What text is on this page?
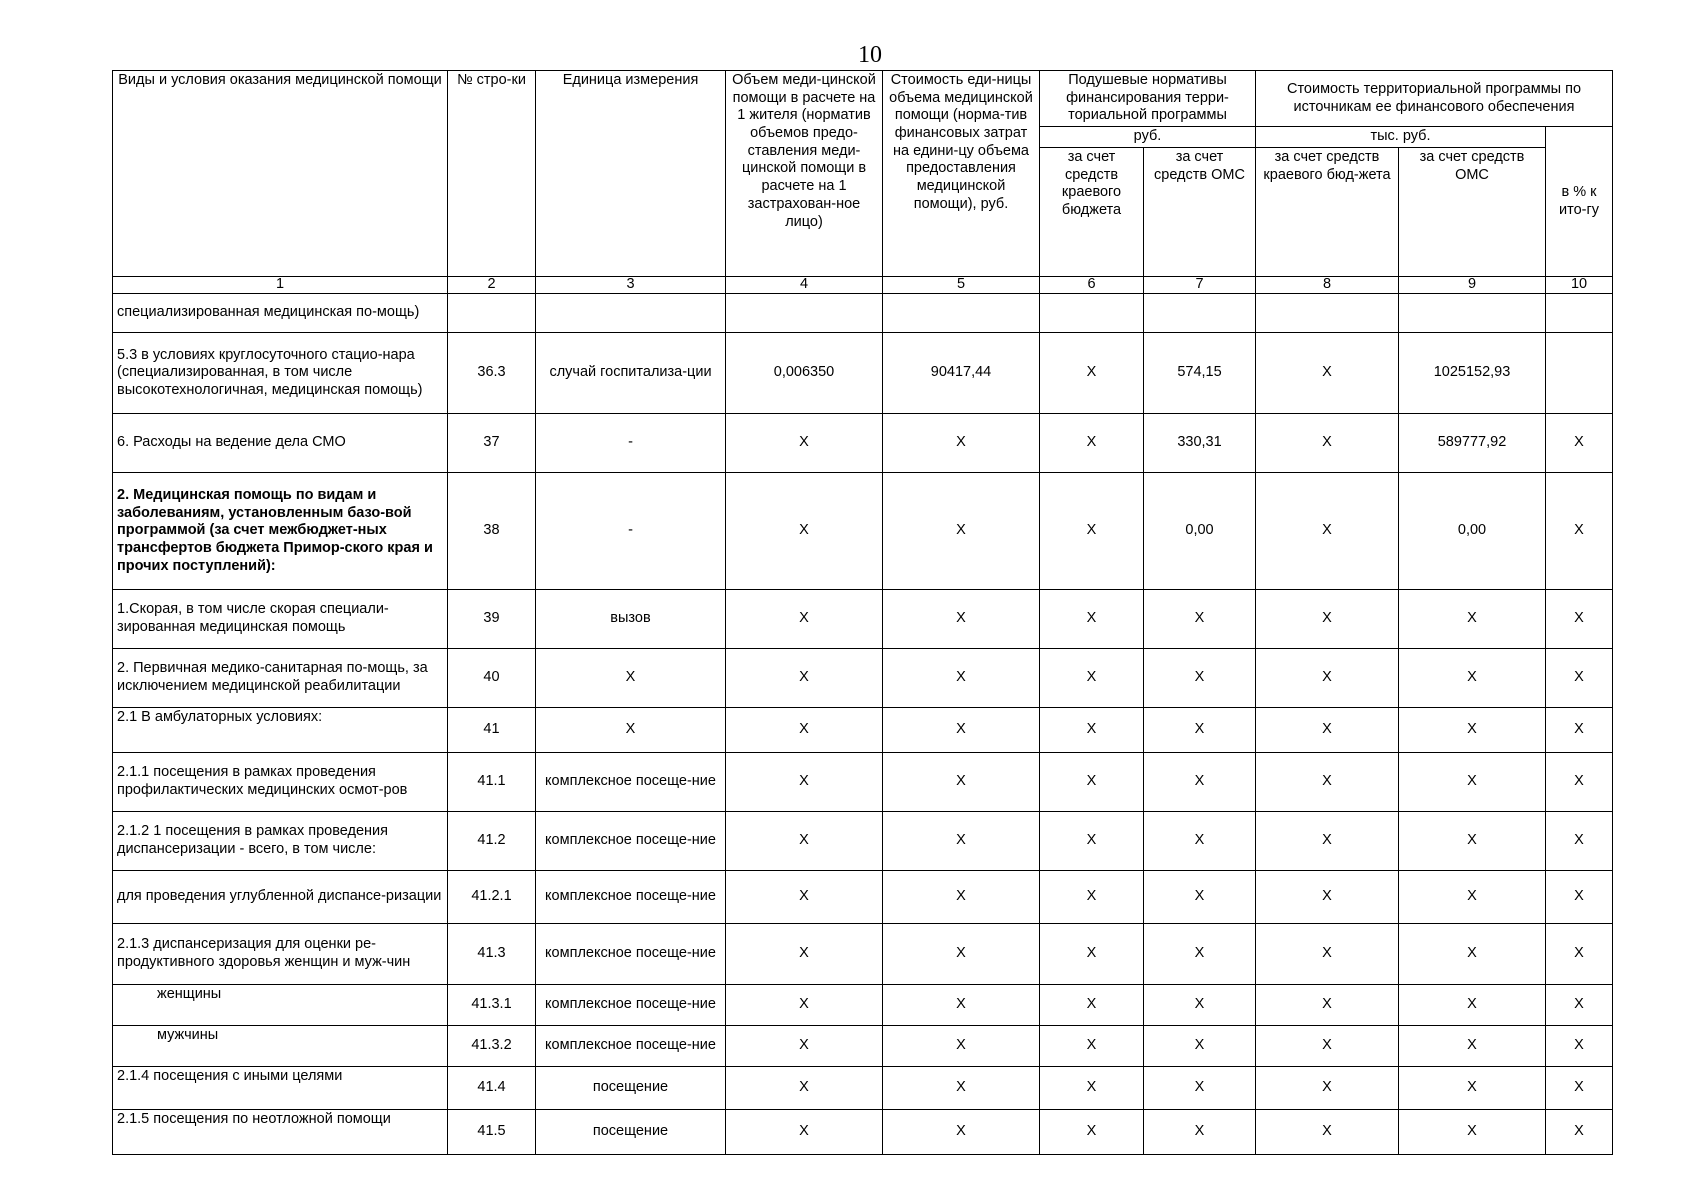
10
Виды и условия оказания медицинской помощи	№ стро-ки	Единица измерения	Объем меди-цинской помощи в расчете на 1 жителя (норматив объемов предо-ставления меди-цинской помощи в расчете на 1 застрахован-ное лицо)	Стоимость еди-ницы объема медицинской помощи (норма-тив финансовых затрат на едини-цу объема предоставления медицинской помощи), руб.	Подушевые нормативы финансирования терри-ториальной программы		Стоимость территориальной программы по источникам ее финансового обеспечения		
					руб.		тыс. руб.		в % к ито-гу
					за счет средств краевого бюджета	за счет средств ОМС	за счет средств краевого бюд-жета	за счет средств ОМС	
1	2	3	4	5	6	7	8	9	10
специализированная медицинская по-мощь)									
5.3 в условиях круглосуточного стацио-нара (специализированная, в том числе высокотехнологичная, медицинская помощь)	36.3	случай госпитализа-ции	0,006350	90417,44	Х	574,15	Х	1025152,93	
6. Расходы на ведение дела СМО	37	-	Х	Х	Х	330,31	Х	589777,92	Х
2. Медицинская помощь по видам и заболеваниям, установленным базо-вой программой (за счет межбюджет-ных трансфертов бюджета Примор-ского края и прочих поступлений):	38	-	Х	Х	Х	0,00	Х	0,00	Х
1.Скорая, в том числе скорая специали-зированная медицинская помощь	39	вызов	Х	Х	Х	Х	Х	Х	Х
2. Первичная медико-санитарная по-мощь, за исключением медицинской реабилитации	40	Х	Х	Х	Х	Х	Х	Х	Х
2.1 В амбулаторных условиях:	41	Х	Х	Х	Х	Х	Х	Х	Х
2.1.1 посещения в рамках проведения профилактических медицинских осмот-ров	41.1	комплексное посеще-ние	Х	Х	Х	Х	Х	Х	Х
2.1.2 1 посещения в рамках проведения диспансеризации - всего, в том числе:	41.2	комплексное посеще-ние	Х	Х	Х	Х	Х	Х	Х
для проведения углубленной диспансе-ризации	41.2.1	комплексное посеще-ние	Х	Х	Х	Х	Х	Х	Х
2.1.3 диспансеризация для оценки ре-продуктивного здоровья женщин и муж-чин	41.3	комплексное посеще-ние	Х	Х	Х	Х	Х	Х	Х
женщины	41.3.1	комплексное посеще-ние	Х	Х	Х	Х	Х	Х	Х
мужчины	41.3.2	комплексное посеще-ние	Х	Х	Х	Х	Х	Х	Х
2.1.4 посещения с иными целями	41.4	посещение	Х	Х	Х	Х	Х	Х	Х
2.1.5 посещения по неотложной помощи	41.5	посещение	Х	Х	Х	Х	Х	Х	Х
